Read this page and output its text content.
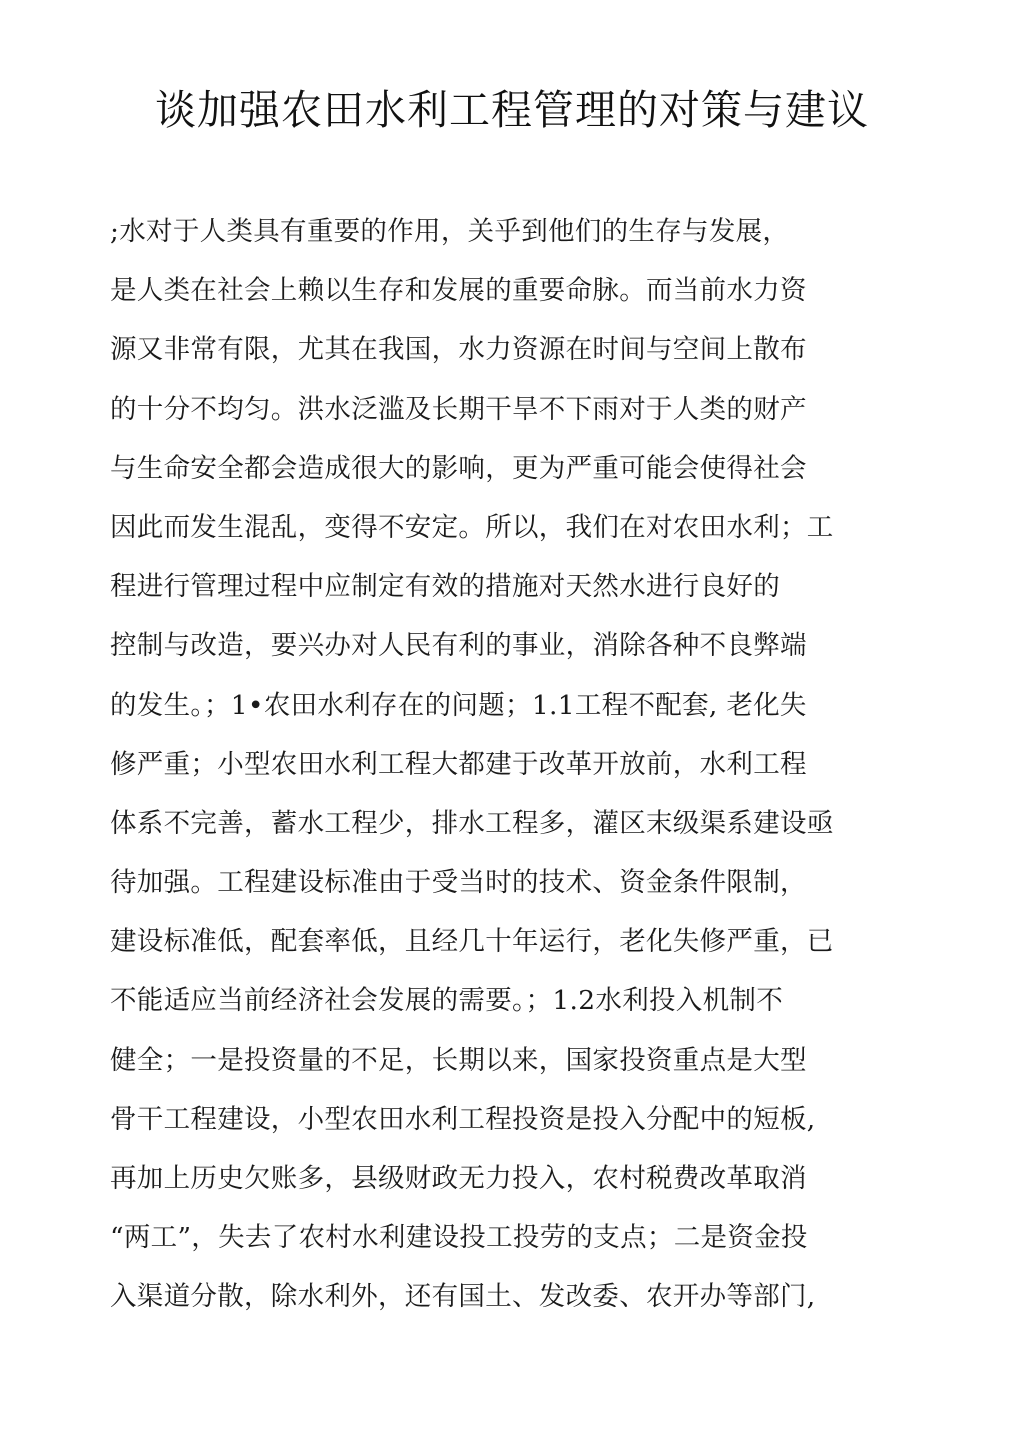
谈加强农田水利工程管理的对策与建议
;水对于人类具有重要的作用，关乎到他们的生存与发展，
是人类在社会上赖以生存和发展的重要命脉。而当前水力资
源又非常有限，尤其在我国，水力资源在时间与空间上散布
的十分不均匀。洪水泛滥及长期干旱不下雨对于人类的财产
与生命安全都会造成很大的影响，更为严重可能会使得社会
因此而发生混乱，变得不安定。所以，我们在对农田水利；工
程进行管理过程中应制定有效的措施对天然水进行良好的
控制与改造，要兴办对人民有利的事业，消除各种不良弊端
的发生。；1•农田水利存在的问题；1.1工程不配套, 老化失
修严重；小型农田水利工程大都建于改革开放前，水利工程
体系不完善，蓄水工程少，排水工程多，灌区末级渠系建设亟
待加强。工程建设标准由于受当时的技术、资金条件限制，
建设标准低，配套率低，且经几十年运行，老化失修严重，已
不能适应当前经济社会发展的需要。；1.2水利投入机制不
健全；一是投资量的不足，长期以来，国家投资重点是大型
骨干工程建设，小型农田水利工程投资是投入分配中的短板,
再加上历史欠账多，县级财政无力投入，农村税费改革取消
“两工”，失去了农村水利建设投工投劳的支点；二是资金投
入渠道分散，除水利外，还有国土、发改委、农开办等部门,
